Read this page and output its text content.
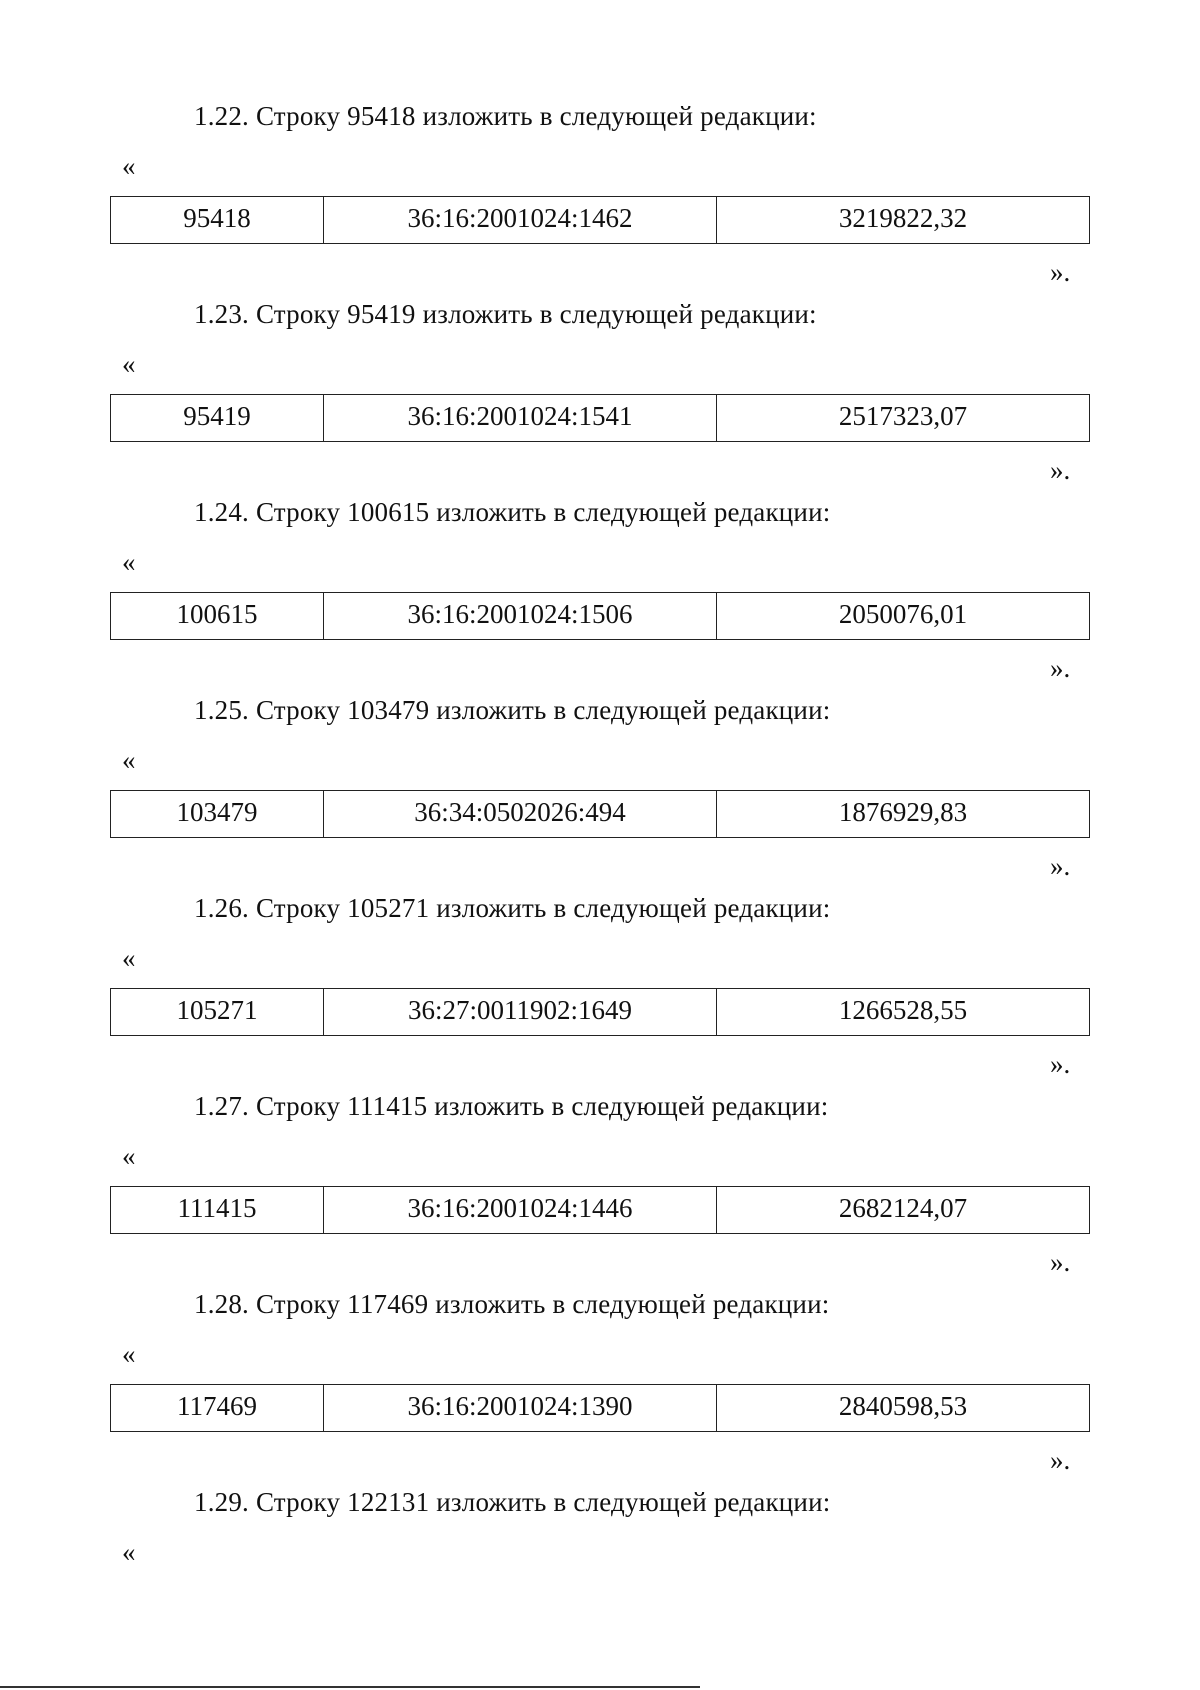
1.22. Строку 95418 изложить в следующей редакции:
«
95418	36:16:2001024:1462	3219822,32
».
1.23. Строку 95419 изложить в следующей редакции:
«
95419	36:16:2001024:1541	2517323,07
».
1.24. Строку 100615 изложить в следующей редакции:
«
100615	36:16:2001024:1506	2050076,01
».
1.25. Строку 103479 изложить в следующей редакции:
«
103479	36:34:0502026:494	1876929,83
».
1.26. Строку 105271 изложить в следующей редакции:
«
105271	36:27:0011902:1649	1266528,55
».
1.27. Строку 111415 изложить в следующей редакции:
«
111415	36:16:2001024:1446	2682124,07
».
1.28. Строку 117469 изложить в следующей редакции:
«
117469	36:16:2001024:1390	2840598,53
».
1.29. Строку 122131 изложить в следующей редакции:
«
